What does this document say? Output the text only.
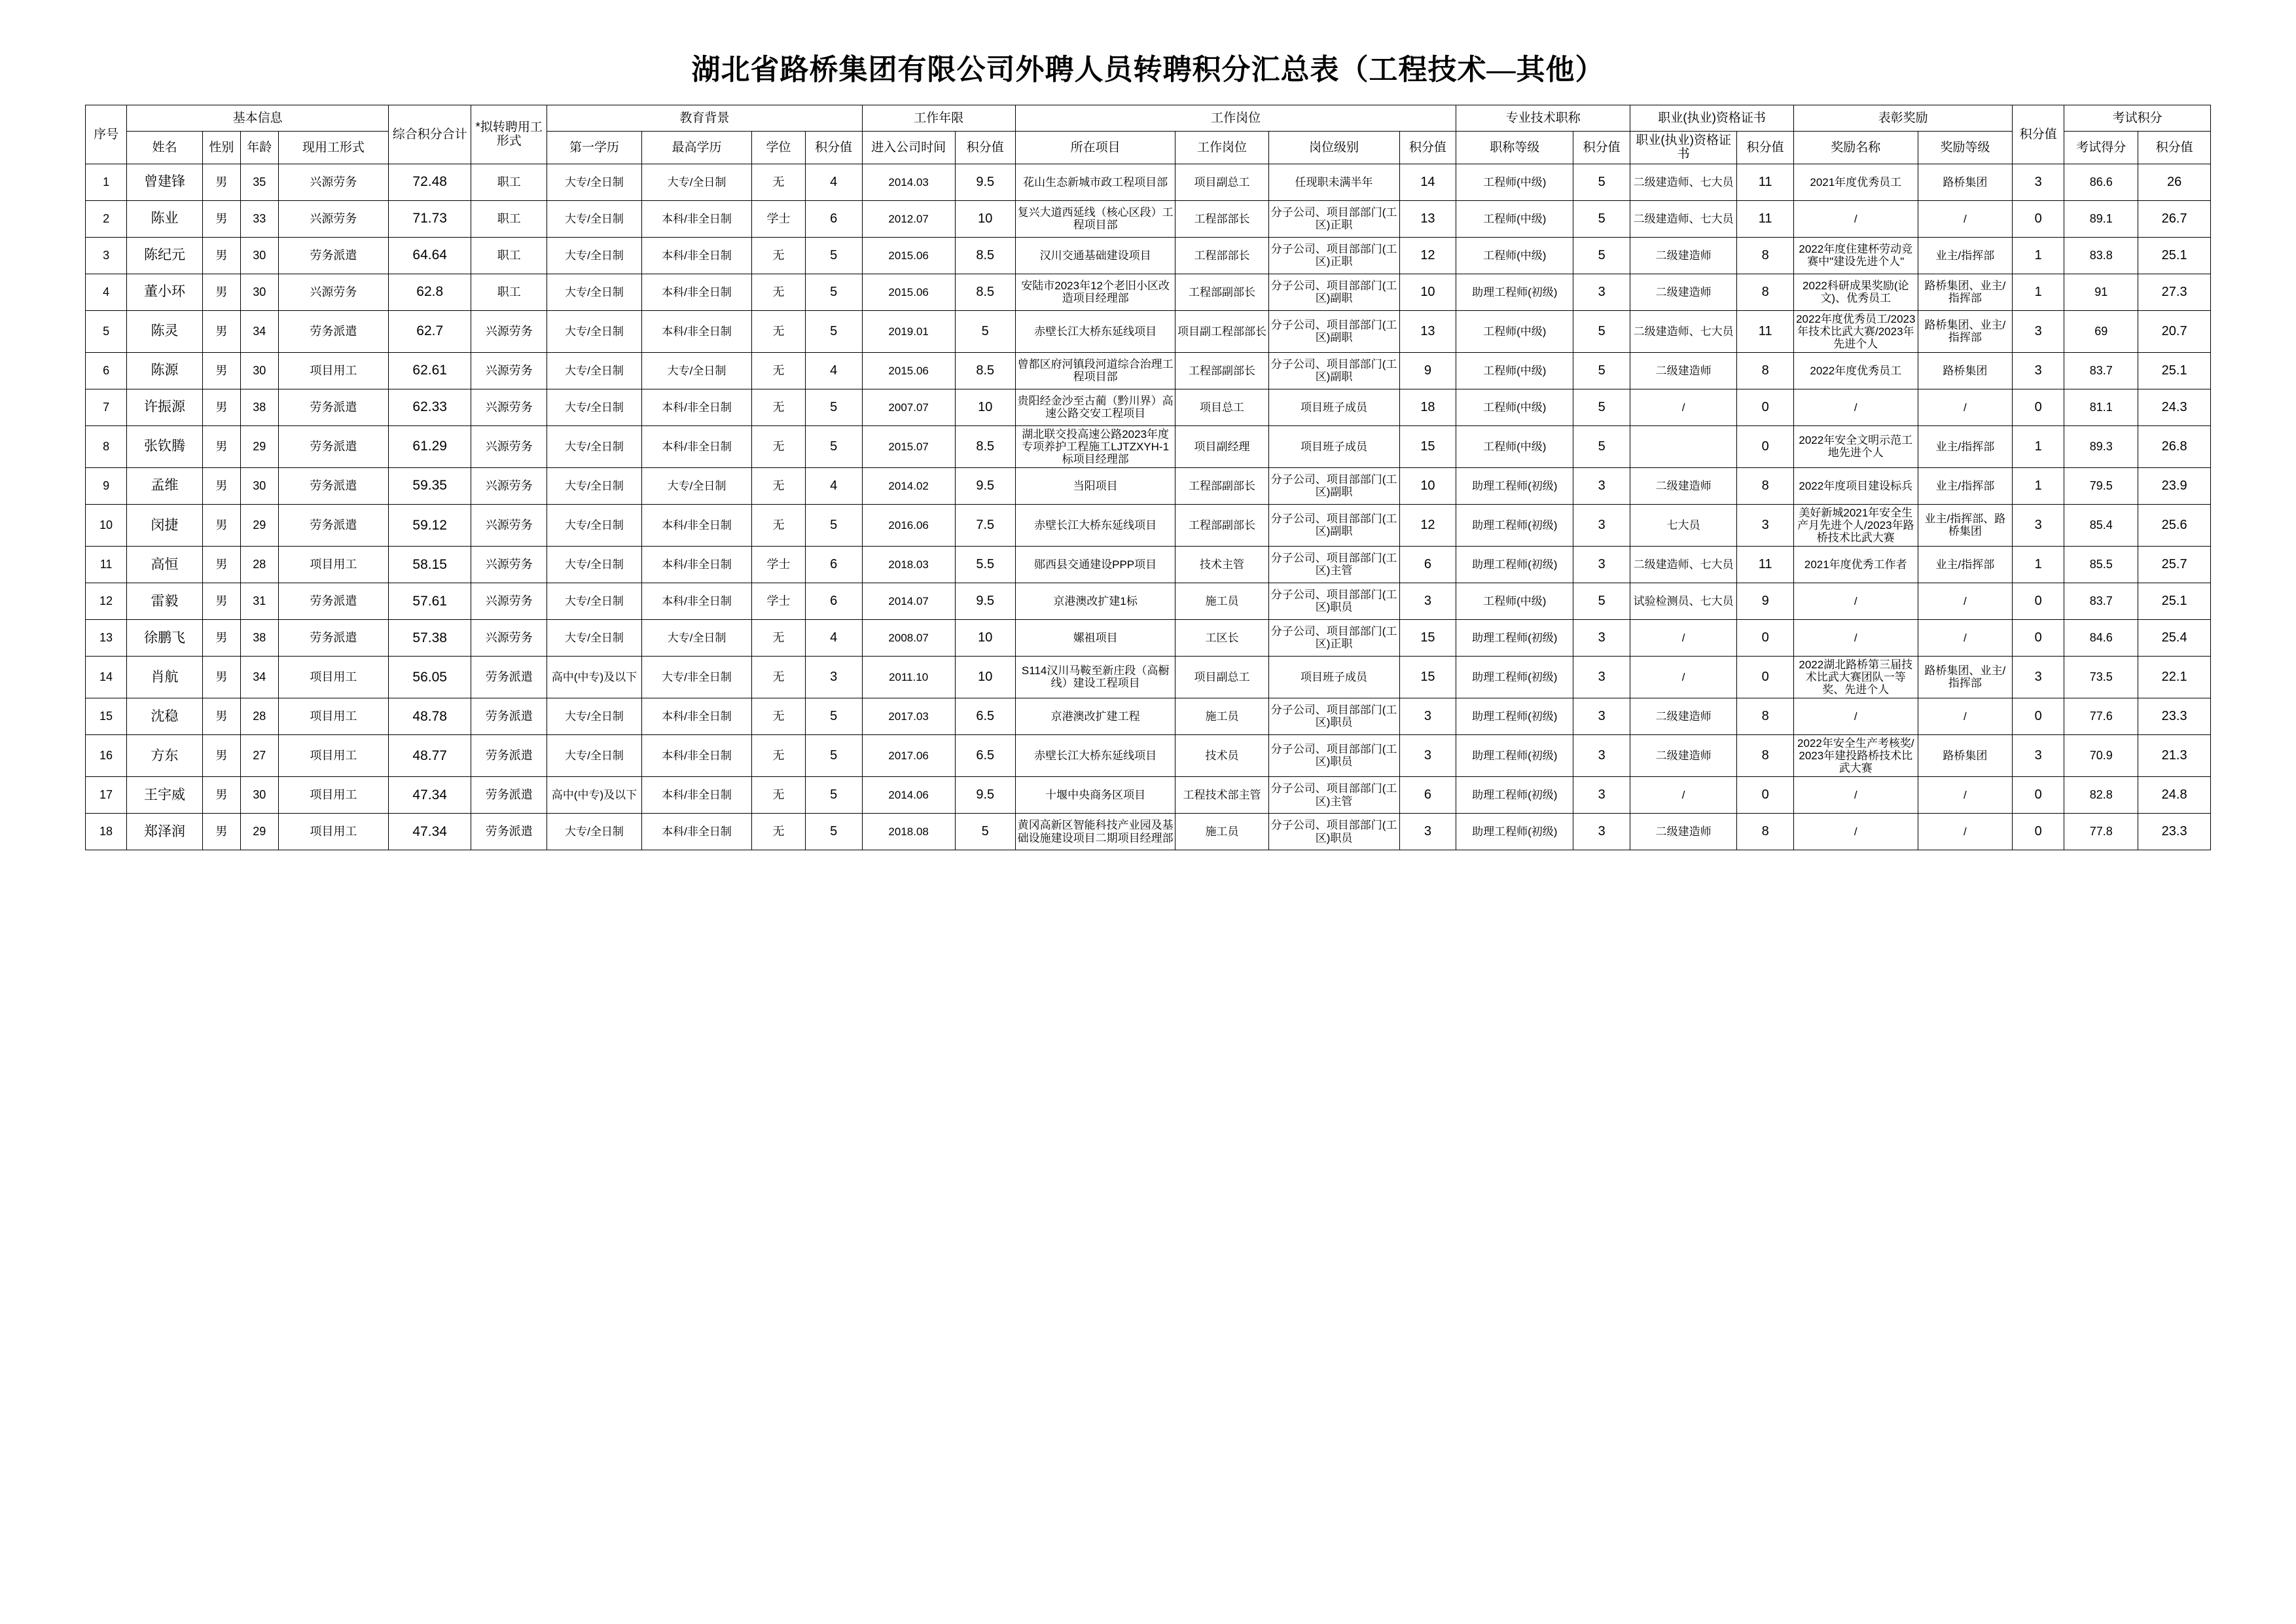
湖北省路桥集团有限公司外聘人员转聘积分汇总表（工程技术—其他）
序号	基本信息				综合积分合计	*拟转聘用工形式	教育背景				工作年限		工作岗位				专业技术职称		职业(执业)资格证书		表彰奖励		积分值	考试积分	
	姓名	性别	年龄	现用工形式			第一学历	最高学历	学位	积分值	进入公司时间	积分值	所在项目	工作岗位	岗位级别	积分值	职称等级	积分值	职业(执业)资格证书	积分值	奖励名称	奖励等级		考试得分	积分值
1	曾建锋	男	35	兴源劳务	72.48	职工	大专/全日制	大专/全日制	无	4	2014.03	9.5	花山生态新城市政工程项目部	项目副总工	任现职未满半年	14	工程师(中级)	5	二级建造师、七大员	11	2021年度优秀员工	路桥集团	3	86.6	26
2	陈业	男	33	兴源劳务	71.73	职工	大专/全日制	本科/非全日制	学士	6	2012.07	10	复兴大道西延线（核心区段）工程项目部	工程部部长	分子公司、项目部部门(工区)正职	13	工程师(中级)	5	二级建造师、七大员	11	/	/	0	89.1	26.7
3	陈纪元	男	30	劳务派遣	64.64	职工	大专/全日制	本科/非全日制	无	5	2015.06	8.5	汉川交通基础建设项目	工程部部长	分子公司、项目部部门(工区)正职	12	工程师(中级)	5	二级建造师	8	2022年度住建杯劳动竞赛中"建设先进个人"	业主/指挥部	1	83.8	25.1
4	董小环	男	30	兴源劳务	62.8	职工	大专/全日制	本科/非全日制	无	5	2015.06	8.5	安陆市2023年12个老旧小区改造项目经理部	工程部副部长	分子公司、项目部部门(工区)副职	10	助理工程师(初级)	3	二级建造师	8	2022科研成果奖励(论文)、优秀员工	路桥集团、业主/指挥部	1	91	27.3
5	陈灵	男	34	劳务派遣	62.7	兴源劳务	大专/全日制	本科/非全日制	无	5	2019.01	5	赤壁长江大桥东延线项目	项目副工程部部长	分子公司、项目部部门(工区)副职	13	工程师(中级)	5	二级建造师、七大员	11	2022年度优秀员工/2023年技术比武大赛/2023年先进个人	路桥集团、业主/指挥部	3	69	20.7
6	陈源	男	30	项目用工	62.61	兴源劳务	大专/全日制	大专/全日制	无	4	2015.06	8.5	曾都区府河镇段河道综合治理工程项目部	工程部副部长	分子公司、项目部部门(工区)副职	9	工程师(中级)	5	二级建造师	8	2022年度优秀员工	路桥集团	3	83.7	25.1
7	许振源	男	38	劳务派遣	62.33	兴源劳务	大专/全日制	本科/非全日制	无	5	2007.07	10	贵阳经金沙至古蔺（黔川界）高速公路交安工程项目	项目总工	项目班子成员	18	工程师(中级)	5	/	0	/	/	0	81.1	24.3
8	张钦腾	男	29	劳务派遣	61.29	兴源劳务	大专/全日制	本科/非全日制	无	5	2015.07	8.5	湖北联交投高速公路2023年度专项养护工程施工LJTZXYH-1标项目经理部	项目副经理	项目班子成员	15	工程师(中级)	5		0	2022年安全文明示范工地先进个人	业主/指挥部	1	89.3	26.8
9	孟维	男	30	劳务派遣	59.35	兴源劳务	大专/全日制	大专/全日制	无	4	2014.02	9.5	当阳项目	工程部副部长	分子公司、项目部部门(工区)副职	10	助理工程师(初级)	3	二级建造师	8	2022年度项目建设标兵	业主/指挥部	1	79.5	23.9
10	闵捷	男	29	劳务派遣	59.12	兴源劳务	大专/全日制	本科/非全日制	无	5	2016.06	7.5	赤壁长江大桥东延线项目	工程部副部长	分子公司、项目部部门(工区)副职	12	助理工程师(初级)	3	七大员	3	美好新城2021年安全生产月先进个人/2023年路桥技术比武大赛	业主/指挥部、路桥集团	3	85.4	25.6
11	高恒	男	28	项目用工	58.15	兴源劳务	大专/全日制	本科/非全日制	学士	6	2018.03	5.5	郧西县交通建设PPP项目	技术主管	分子公司、项目部部门(工区)主管	6	助理工程师(初级)	3	二级建造师、七大员	11	2021年度优秀工作者	业主/指挥部	1	85.5	25.7
12	雷毅	男	31	劳务派遣	57.61	兴源劳务	大专/全日制	本科/非全日制	学士	6	2014.07	9.5	京港澳改扩建1标	施工员	分子公司、项目部部门(工区)职员	3	工程师(中级)	5	试验检测员、七大员	9	/	/	0	83.7	25.1
13	徐鹏飞	男	38	劳务派遣	57.38	兴源劳务	大专/全日制	大专/全日制	无	4	2008.07	10	嫘祖项目	工区长	分子公司、项目部部门(工区)正职	15	助理工程师(初级)	3	/	0	/	/	0	84.6	25.4
14	肖航	男	34	项目用工	56.05	劳务派遣	高中(中专)及以下	大专/非全日制	无	3	2011.10	10	S114汉川马鞍至新庄段（高橱线）建设工程项目	项目副总工	项目班子成员	15	助理工程师(初级)	3	/	0	2022湖北路桥第三届技术比武大赛团队一等奖、先进个人	路桥集团、业主/指挥部	3	73.5	22.1
15	沈稳	男	28	项目用工	48.78	劳务派遣	大专/全日制	本科/非全日制	无	5	2017.03	6.5	京港澳改扩建工程	施工员	分子公司、项目部部门(工区)职员	3	助理工程师(初级)	3	二级建造师	8	/	/	0	77.6	23.3
16	方东	男	27	项目用工	48.77	劳务派遣	大专/全日制	本科/非全日制	无	5	2017.06	6.5	赤壁长江大桥东延线项目	技术员	分子公司、项目部部门(工区)职员	3	助理工程师(初级)	3	二级建造师	8	2022年安全生产考核奖/2023年建投路桥技术比武大赛	路桥集团	3	70.9	21.3
17	王宇威	男	30	项目用工	47.34	劳务派遣	高中(中专)及以下	本科/非全日制	无	5	2014.06	9.5	十堰中央商务区项目	工程技术部主管	分子公司、项目部部门(工区)主管	6	助理工程师(初级)	3	/	0	/	/	0	82.8	24.8
18	郑泽润	男	29	项目用工	47.34	劳务派遣	大专/全日制	本科/非全日制	无	5	2018.08	5	黄冈高新区智能科技产业园及基础设施建设项目二期项目经理部	施工员	分子公司、项目部部门(工区)职员	3	助理工程师(初级)	3	二级建造师	8	/	/	0	77.8	23.3
